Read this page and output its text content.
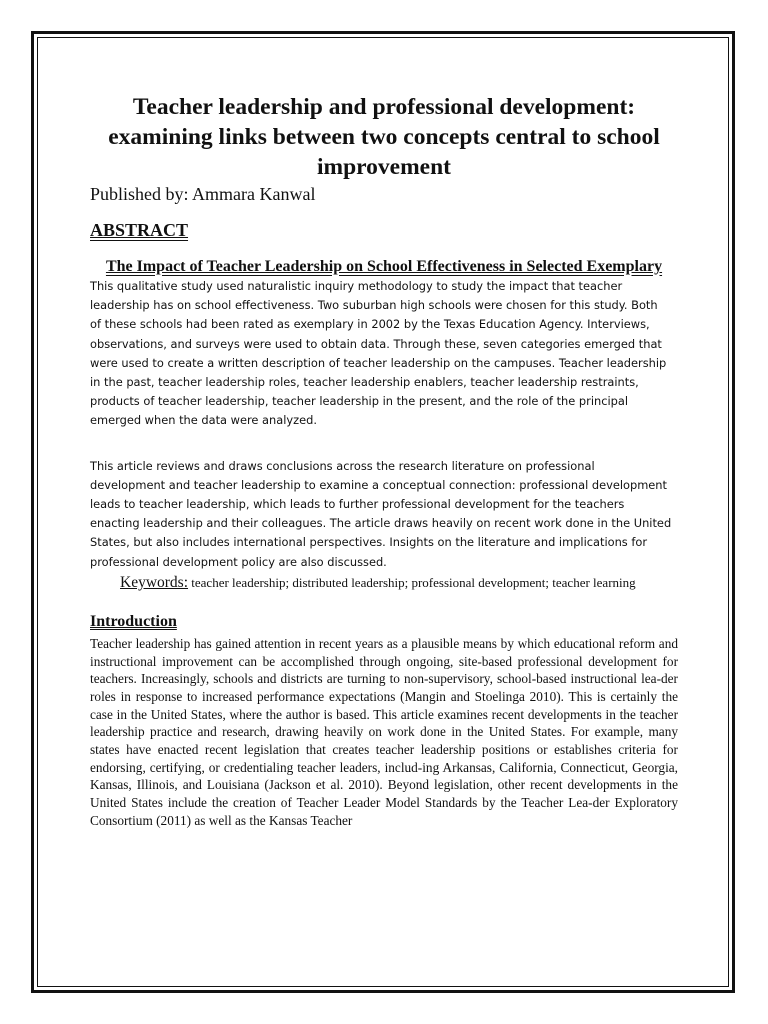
Teacher leadership and professional development: examining links between two concepts central to school improvement

Published by: Ammara Kanwal

ABSTRACT
The Impact of Teacher Leadership on School Effectiveness in Selected Exemplary

This qualitative study used naturalistic inquiry methodology to study the impact that teacher leadership has on school effectiveness. Two suburban high schools were chosen for this study. Both of these schools had been rated as exemplary in 2002 by the Texas Education Agency. Interviews, observations, and surveys were used to obtain data. Through these, seven categories emerged that were used to create a written description of teacher leadership on the campuses. Teacher leadership in the past, teacher leadership roles, teacher leadership enablers, teacher leadership restraints, products of teacher leadership, teacher leadership in the present, and the role of the principal emerged when the data were analyzed.

This article reviews and draws conclusions across the research literature on professional development and teacher leadership to examine a conceptual connection: professional development leads to teacher leadership, which leads to further professional development for the teachers enacting leadership and their colleagues. The article draws heavily on recent work done in the United States, but also includes international perspectives. Insights on the literature and implications for professional development policy are also discussed.

Keywords: teacher leadership; distributed leadership; professional development; teacher learning

Introduction

Teacher leadership has gained attention in recent years as a plausible means by which educational reform and instructional improvement can be accomplished through ongoing, site-based professional development for teachers. Increasingly, schools and districts are turning to non-supervisory, school-based instructional lea-der roles in response to increased performance expectations (Mangin and Stoelinga 2010). This is certainly the case in the United States, where the author is based. This article examines recent developments in the teacher leadership practice and research, drawing heavily on work done in the United States. For example, many states have enacted recent legislation that creates teacher leadership positions or establishes criteria for endorsing, certifying, or credentialing teacher leaders, includ-ing Arkansas, California, Connecticut, Georgia, Kansas, Illinois, and Louisiana (Jackson et al. 2010). Beyond legislation, other recent developments in the United States include the creation of Teacher Leader Model Standards by the Teacher Lea-der Exploratory Consortium (2011) as well as the Kansas Teacher
